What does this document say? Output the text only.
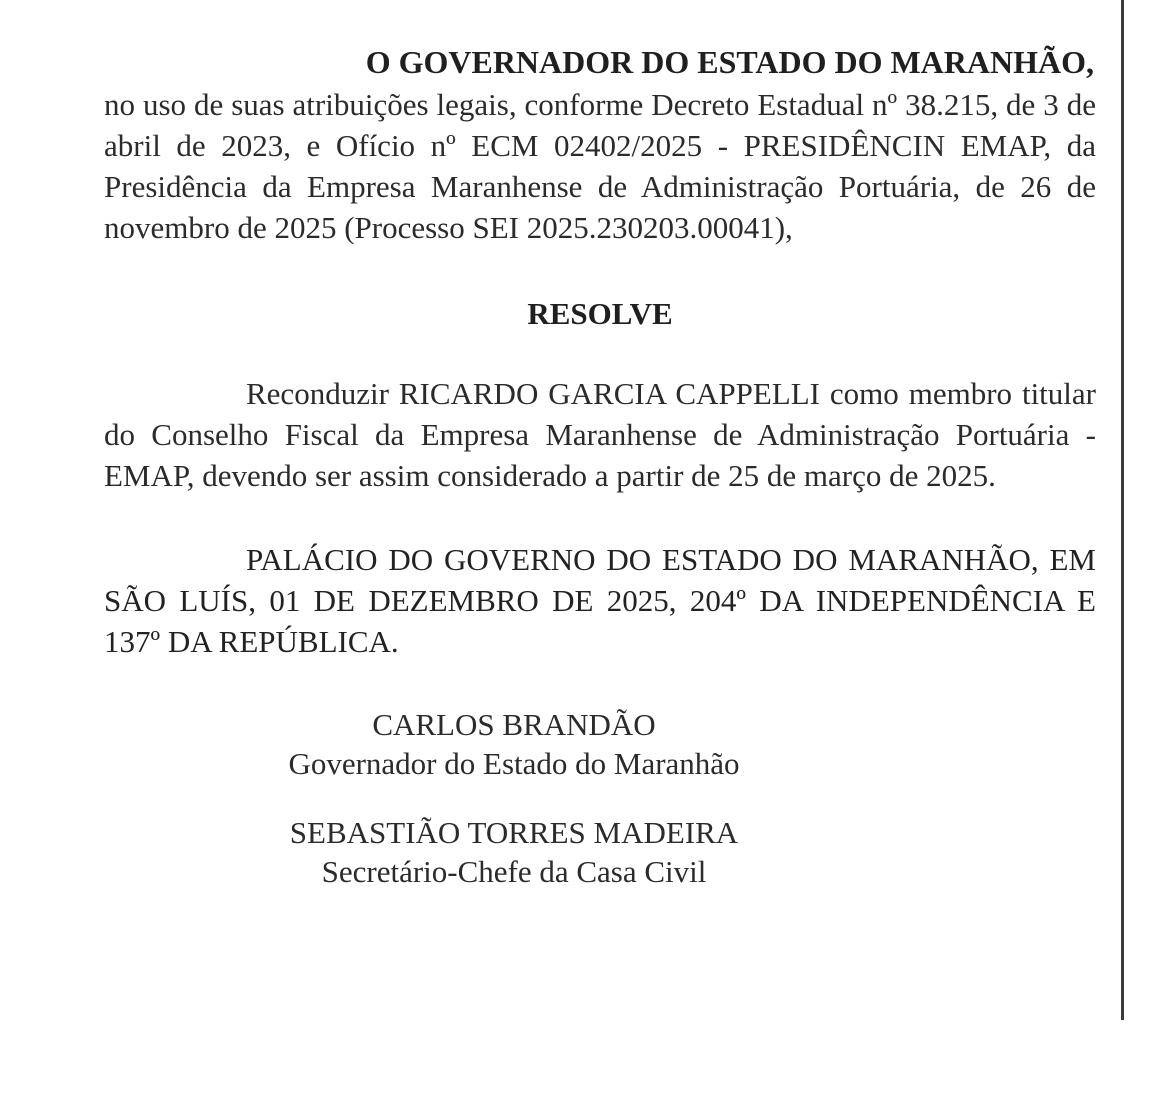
O GOVERNADOR DO ESTADO DO MARANHÃO,

no uso de suas atribuições legais, conforme Decreto Estadual nº 38.215, de 3 de abril de 2023, e Ofício nº ECM 02402/2025 - PRESIDÊNCIN EMAP, da Presidência da Empresa Maranhense de Administração Portuária, de 26 de novembro de 2025 (Processo SEI 2025.230203.00041),

RESOLVE

Reconduzir RICARDO GARCIA CAPPELLI como membro titular do Conselho Fiscal da Empresa Maranhense de Administração Portuária - EMAP, devendo ser assim considerado a partir de 25 de março de 2025.

PALÁCIO DO GOVERNO DO ESTADO DO MARANHÃO, EM SÃO LUÍS, 01 DE DEZEMBRO DE 2025, 204º DA INDEPENDÊNCIA E 137º DA REPÚBLICA.

CARLOS BRANDÃO

Governador do Estado do Maranhão

SEBASTIÃO TORRES MADEIRA

Secretário-Chefe da Casa Civil
